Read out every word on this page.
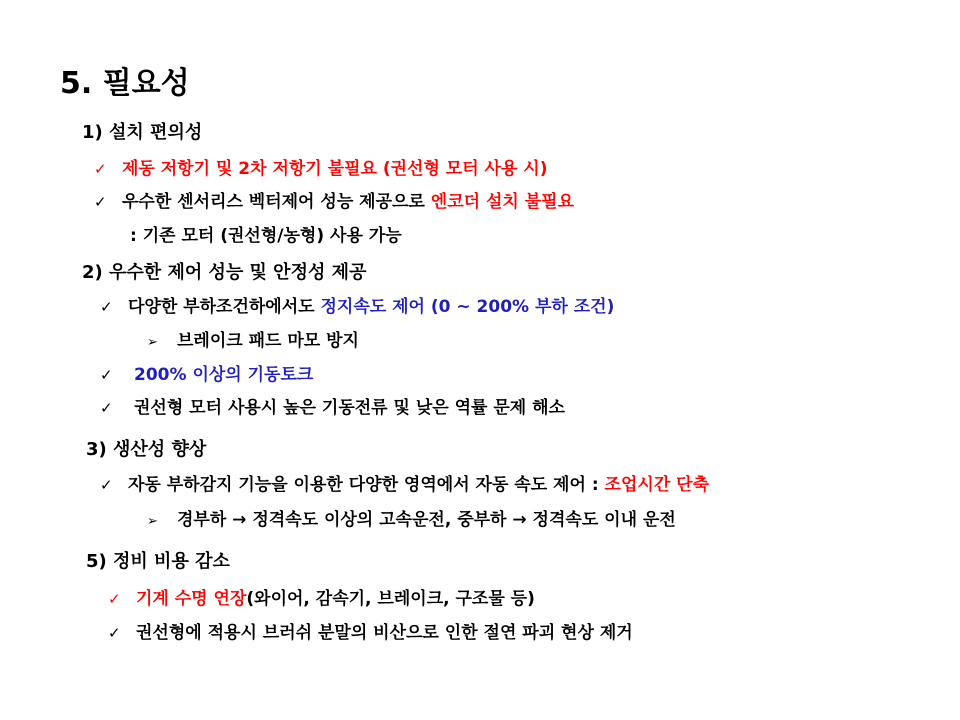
5. 필요성
1) 설치 편의성
✓ 제동 저항기 및 2차 저항기 불필요 (권선형 모터 사용 시)
✓ 우수한 센서리스 벡터제어 성능 제공으로 엔코더 설치 불필요
: 기존 모터 (권선형/농형) 사용 가능
2) 우수한 제어 성능 및 안정성 제공
✓ 다양한 부하조건하에서도 정지속도 제어 (0 ~ 200% 부하 조건)
➢ 브레이크 패드 마모 방지
✓ 200% 이상의 기동토크
✓ 권선형 모터 사용시 높은 기동전류 및 낮은 역률 문제 해소
3) 생산성 향상
✓ 자동 부하감지 기능을 이용한 다양한 영역에서 자동 속도 제어 : 조업시간 단축
➢ 경부하 → 정격속도 이상의 고속운전, 중부하 → 정격속도 이내 운전
5) 정비 비용 감소
✓ 기계 수명 연장(와이어, 감속기, 브레이크, 구조물 등)
✓ 권선형에 적용시 브러쉬 분말의 비산으로 인한 절연 파괴 현상 제거
